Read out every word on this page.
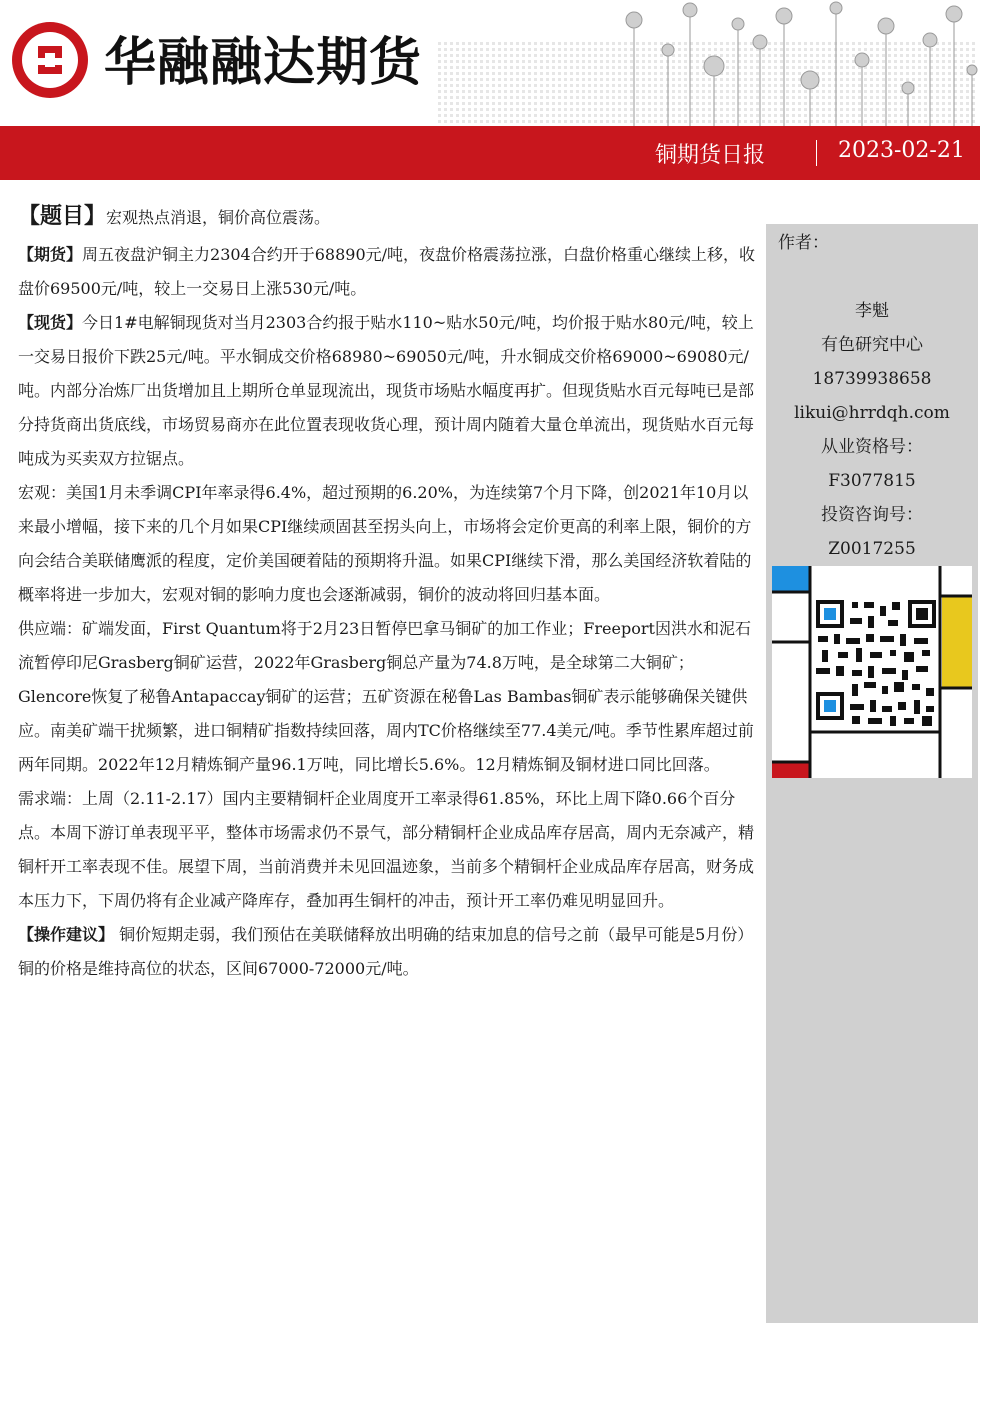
华融融达期货
铜期货日报	2023-02-21

【题目】宏观热点消退，铜价高位震荡。

【期货】周五夜盘沪铜主力2304合约开于68890元/吨，夜盘价格震荡拉涨，白盘价格重心继续上移，收盘价69500元/吨，较上一交易日上涨530元/吨。

【现货】今日1#电解铜现货对当月2303合约报于贴水110~贴水50元/吨，均价报于贴水80元/吨，较上一交易日报价下跌25元/吨。平水铜成交价格68980~69050元/吨，升水铜成交价格69000~69080元/吨。内部分冶炼厂出货增加且上期所仓单显现流出，现货市场贴水幅度再扩。但现货贴水百元每吨已是部分持货商出货底线，市场贸易商亦在此位置表现收货心理，预计周内随着大量仓单流出，现货贴水百元每吨成为买卖双方拉锯点。

宏观：美国1月未季调CPI年率录得6.4%，超过预期的6.20%，为连续第7个月下降，创2021年10月以来最小增幅，接下来的几个月如果CPI继续顽固甚至拐头向上，市场将会定价更高的利率上限，铜价的方向会结合美联储鹰派的程度，定价美国硬着陆的预期将升温。如果CPI继续下滑，那么美国经济软着陆的概率将进一步加大，宏观对铜的影响力度也会逐渐减弱，铜价的波动将回归基本面。

供应端：矿端发面，First Quantum将于2月23日暂停巴拿马铜矿的加工作业；Freeport因洪水和泥石流暂停印尼Grasberg铜矿运营，2022年Grasberg铜总产量为74.8万吨，是全球第二大铜矿；Glencore恢复了秘鲁Antapaccay铜矿的运营；五矿资源在秘鲁Las Bambas铜矿表示能够确保关键供应。南美矿端干扰频繁，进口铜精矿指数持续回落，周内TC价格继续至77.4美元/吨。季节性累库超过前两年同期。2022年12月精炼铜产量96.1万吨，同比增长5.6%。12月精炼铜及铜材进口同比回落。

需求端：上周（2.11-2.17）国内主要精铜杆企业周度开工率录得61.85%，环比上周下降0.66个百分点。本周下游订单表现平平，整体市场需求仍不景气，部分精铜杆企业成品库存居高，周内无奈减产，精铜杆开工率表现不佳。展望下周，当前消费并未见回温迹象，当前多个精铜杆企业成品库存居高，财务成本压力下，下周仍将有企业减产降库存，叠加再生铜杆的冲击，预计开工率仍难见明显回升。

【操作建议】 铜价短期走弱，我们预估在美联储释放出明确的结束加息的信号之前（最早可能是5月份）铜的价格是维持高位的状态，区间67000-72000元/吨。

作者：
李魁
有色研究中心
18739938658
likui@hrrdqh.com
从业资格号：
F3077815
投资咨询号：
Z0017255
